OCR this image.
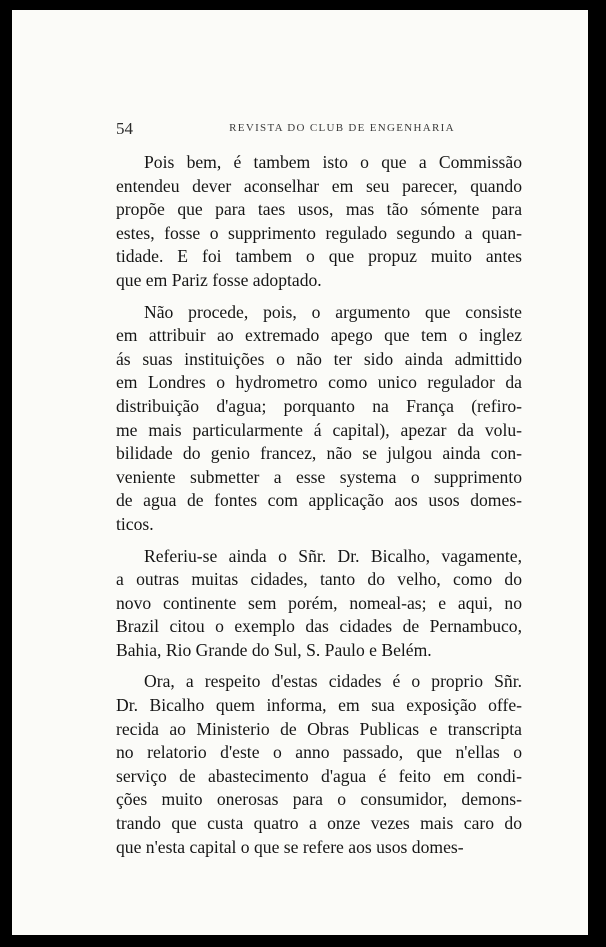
54	REVISTA DO CLUB DE ENGENHARIA
Pois bem, é tambem isto o que a Commissão
entendeu dever aconselhar em seu parecer, quando
propõe que para taes usos, mas tão sómente para
estes, fosse o supprimento regulado segundo a quan-
tidade. E foi tambem o que propuz muito antes
que em Pariz fosse adoptado.
Não procede, pois, o argumento que consiste
em attribuir ao extremado apego que tem o inglez
ás suas instituições o não ter sido ainda admittido
em Londres o hydrometro como unico regulador da
distribuição d'agua; porquanto na França (refiro-
me mais particularmente á capital), apezar da volu-
bilidade do genio francez, não se julgou ainda con-
veniente submetter a esse systema o supprimento
de agua de fontes com applicação aos usos domes-
ticos.
Referiu-se ainda o Sñr. Dr. Bicalho, vagamente,
a outras muitas cidades, tanto do velho, como do
novo continente sem porém, nomeal-as; e aqui, no
Brazil citou o exemplo das cidades de Pernambuco,
Bahia, Rio Grande do Sul, S. Paulo e Belém.
Ora, a respeito d'estas cidades é o proprio Sñr.
Dr. Bicalho quem informa, em sua exposição offe-
recida ao Ministerio de Obras Publicas e transcripta
no relatorio d'este o anno passado, que n'ellas o
serviço de abastecimento d'agua é feito em condi-
ções muito onerosas para o consumidor, demons-
trando que custa quatro a onze vezes mais caro do
que n'esta capital o que se refere aos usos domes-
